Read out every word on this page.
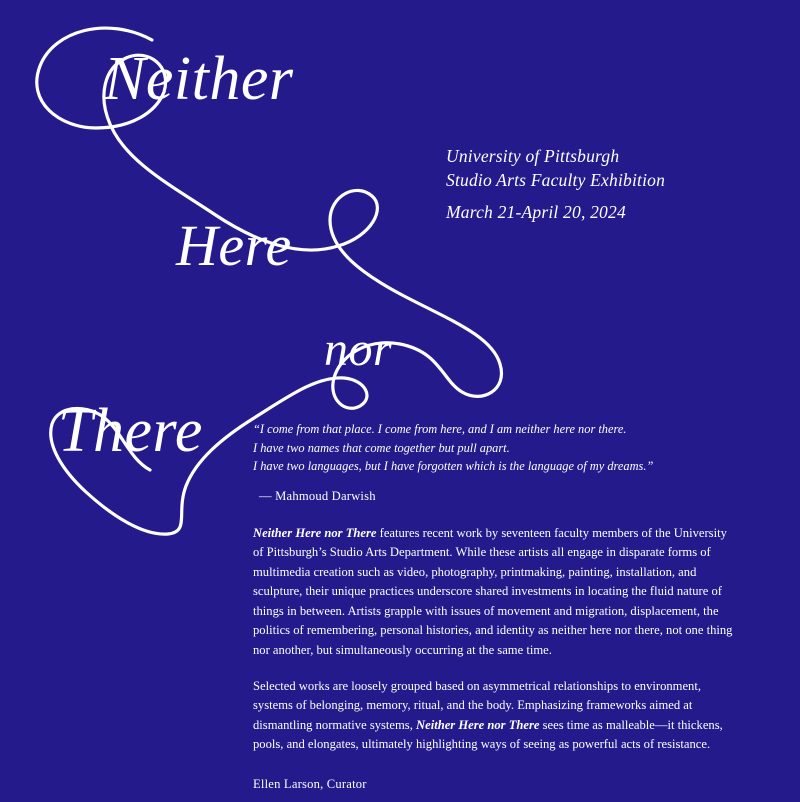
Neither
Here
nor
There
University of Pittsburgh
Studio Arts Faculty Exhibition
March 21-April 20, 2024
“I come from that place. I come from here, and I am neither here nor there.
I have two names that come together but pull apart.
I have two languages, but I have forgotten which is the language of my dreams.”
— Mahmoud Darwish

Neither Here nor There features recent work by seventeen faculty members of the University of Pittsburgh’s Studio Arts Department. While these artists all engage in disparate forms of multimedia creation such as video, photography, printmaking, painting, installation, and sculpture, their unique practices underscore shared investments in locating the fluid nature of things in between. Artists grapple with issues of movement and migration, displacement, the politics of remembering, personal histories, and identity as neither here nor there, not one thing nor another, but simultaneously occurring at the same time.

Selected works are loosely grouped based on asymmetrical relationships to environment, systems of belonging, memory, ritual, and the body. Emphasizing frameworks aimed at dismantling normative systems, Neither Here nor There sees time as malleable—it thickens, pools, and elongates, ultimately highlighting ways of seeing as powerful acts of resistance.

Ellen Larson, Curator
